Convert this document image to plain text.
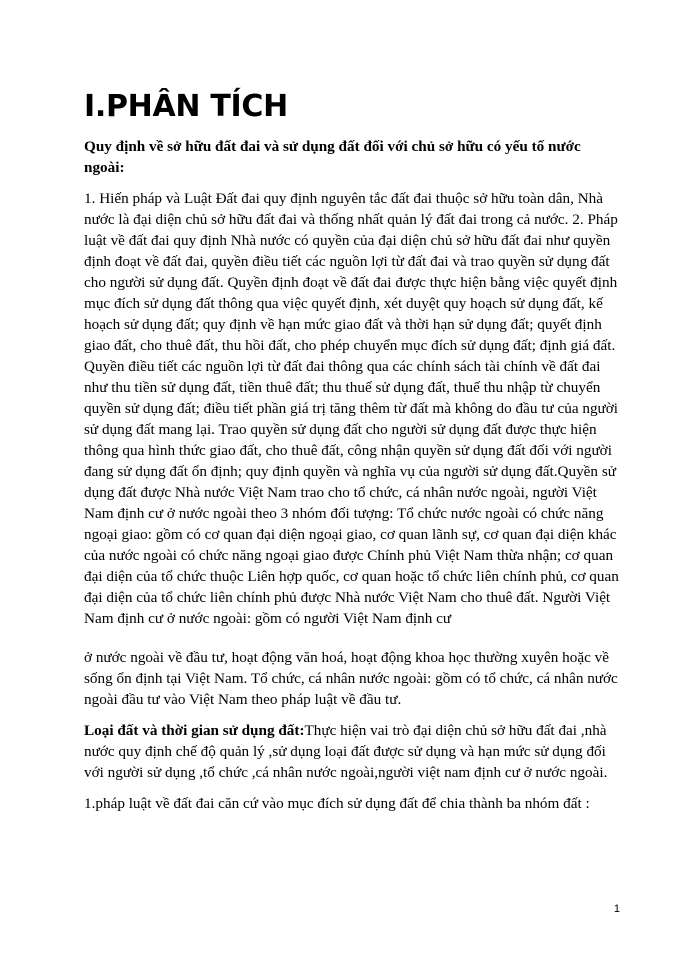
I.PHÂN TÍCH

Quy định về sở hữu đất đai và sử dụng đất đối với chủ sở hữu có yếu tố nước ngoài:

1. Hiến pháp và Luật Đất đai quy định nguyên tắc đất đai thuộc sở hữu toàn dân, Nhà nước là đại diện chủ sở hữu đất đai và thống nhất quản lý đất đai trong cả nước. 2. Pháp luật về đất đai quy định Nhà nước có quyền của đại diện chủ sở hữu đất đai như quyền định đoạt về đất đai, quyền điều tiết các nguồn lợi từ đất đai và trao quyền sử dụng đất cho người sử dụng đất. Quyền định đoạt về đất đai được thực hiện bằng việc quyết định mục đích sử dụng đất thông qua việc quyết định, xét duyệt quy hoạch sử dụng đất, kế hoạch sử dụng đất; quy định về hạn mức giao đất và thời hạn sử dụng đất; quyết định giao đất, cho thuê đất, thu hồi đất, cho phép chuyển mục đích sử dụng đất; định giá đất. Quyền điều tiết các nguồn lợi từ đất đai thông qua các chính sách tài chính về đất đai như thu tiền sử dụng đất, tiền thuê đất; thu thuế sử dụng đất, thuế thu nhập từ chuyển quyền sử dụng đất; điều tiết phần giá trị tăng thêm từ đất mà không do đầu tư của người sử dụng đất mang lại. Trao quyền sử dụng đất cho người sử dụng đất được thực hiện thông qua hình thức giao đất, cho thuê đất, công nhận quyền sử dụng đất đối với người đang sử dụng đất ổn định; quy định quyền và nghĩa vụ của người sử dụng đất.Quyền sử dụng đất được Nhà nước Việt Nam trao cho tổ chức, cá nhân nước ngoài, người Việt Nam định cư ở nước ngoài theo 3 nhóm đối tượng: Tổ chức nước ngoài có chức năng ngoại giao: gồm có cơ quan đại diện ngoại giao, cơ quan lãnh sự, cơ quan đại diện khác của nước ngoài có chức năng ngoại giao được Chính phủ Việt Nam thừa nhận; cơ quan đại diện của tổ chức thuộc Liên hợp quốc, cơ quan hoặc tổ chức liên chính phủ, cơ quan đại diện của tổ chức liên chính phủ được Nhà nước Việt Nam cho thuê đất. Người Việt Nam định cư ở nước ngoài: gồm có người Việt Nam định cư

ở nước ngoài về đầu tư, hoạt động văn hoá, hoạt động khoa học thường xuyên hoặc về sống ổn định tại Việt Nam. Tổ chức, cá nhân nước ngoài: gồm có tổ chức, cá nhân nước ngoài đầu tư vào Việt Nam theo pháp luật về đầu tư.

Loại đất và thời gian sử dụng đất:Thực hiện vai trò đại diện chủ sở hữu đất đai ,nhà nước quy định chế độ quản lý ,sử dụng loại đất được sử dụng và hạn mức sử dụng đối với người sử dụng ,tổ chức ,cá nhân nước ngoài,người việt nam định cư ở nước ngoài.

1.pháp luật về đất đai căn cứ vào mục đích sử dụng đất để chia thành ba nhóm đất :

1
